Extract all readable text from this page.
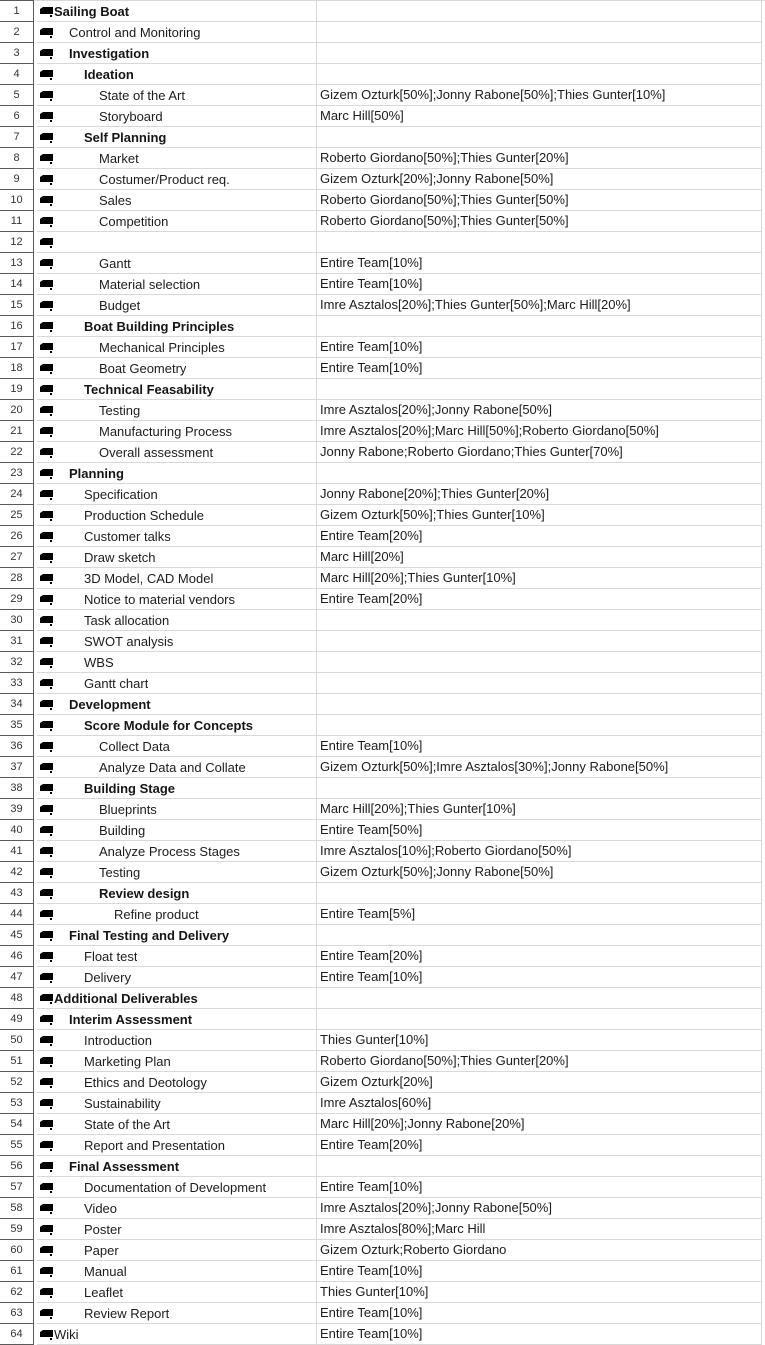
1	Sailing Boat
2	Control and Monitoring
3	Investigation
4	Ideation
5	State of the Art	Gizem Ozturk[50%];Jonny Rabone[50%];Thies Gunter[10%]
6	Storyboard	Marc Hill[50%]
7	Self Planning
8	Market	Roberto Giordano[50%];Thies Gunter[20%]
9	Costumer/Product req.	Gizem Ozturk[20%];Jonny Rabone[50%]
10	Sales	Roberto Giordano[50%];Thies Gunter[50%]
11	Competition	Roberto Giordano[50%];Thies Gunter[50%]
12
13	Gantt	Entire Team[10%]
14	Material selection	Entire Team[10%]
15	Budget	Imre Asztalos[20%];Thies Gunter[50%];Marc Hill[20%]
16	Boat Building Principles
17	Mechanical Principles	Entire Team[10%]
18	Boat Geometry	Entire Team[10%]
19	Technical Feasability
20	Testing	Imre Asztalos[20%];Jonny Rabone[50%]
21	Manufacturing Process	Imre Asztalos[20%];Marc Hill[50%];Roberto Giordano[50%]
22	Overall assessment	Jonny Rabone;Roberto Giordano;Thies Gunter[70%]
23	Planning
24	Specification	Jonny Rabone[20%];Thies Gunter[20%]
25	Production Schedule	Gizem Ozturk[50%];Thies Gunter[10%]
26	Customer talks	Entire Team[20%]
27	Draw sketch	Marc Hill[20%]
28	3D Model, CAD Model	Marc Hill[20%];Thies Gunter[10%]
29	Notice to material vendors	Entire Team[20%]
30	Task allocation
31	SWOT analysis
32	WBS
33	Gantt chart
34	Development
35	Score Module for Concepts
36	Collect Data	Entire Team[10%]
37	Analyze Data and Collate	Gizem Ozturk[50%];Imre Asztalos[30%];Jonny Rabone[50%]
38	Building Stage
39	Blueprints	Marc Hill[20%];Thies Gunter[10%]
40	Building	Entire Team[50%]
41	Analyze Process Stages	Imre Asztalos[10%];Roberto Giordano[50%]
42	Testing	Gizem Ozturk[50%];Jonny Rabone[50%]
43	Review design
44	Refine product	Entire Team[5%]
45	Final Testing and Delivery
46	Float test	Entire Team[20%]
47	Delivery	Entire Team[10%]
48	Additional Deliverables
49	Interim Assessment
50	Introduction	Thies Gunter[10%]
51	Marketing Plan	Roberto Giordano[50%];Thies Gunter[20%]
52	Ethics and Deotology	Gizem Ozturk[20%]
53	Sustainability	Imre Asztalos[60%]
54	State of the Art	Marc Hill[20%];Jonny Rabone[20%]
55	Report and Presentation	Entire Team[20%]
56	Final Assessment
57	Documentation of Development	Entire Team[10%]
58	Video	Imre Asztalos[20%];Jonny Rabone[50%]
59	Poster	Imre Asztalos[80%];Marc Hill
60	Paper	Gizem Ozturk;Roberto Giordano
61	Manual	Entire Team[10%]
62	Leaflet	Thies Gunter[10%]
63	Review Report	Entire Team[10%]
64	Wiki	Entire Team[10%]
